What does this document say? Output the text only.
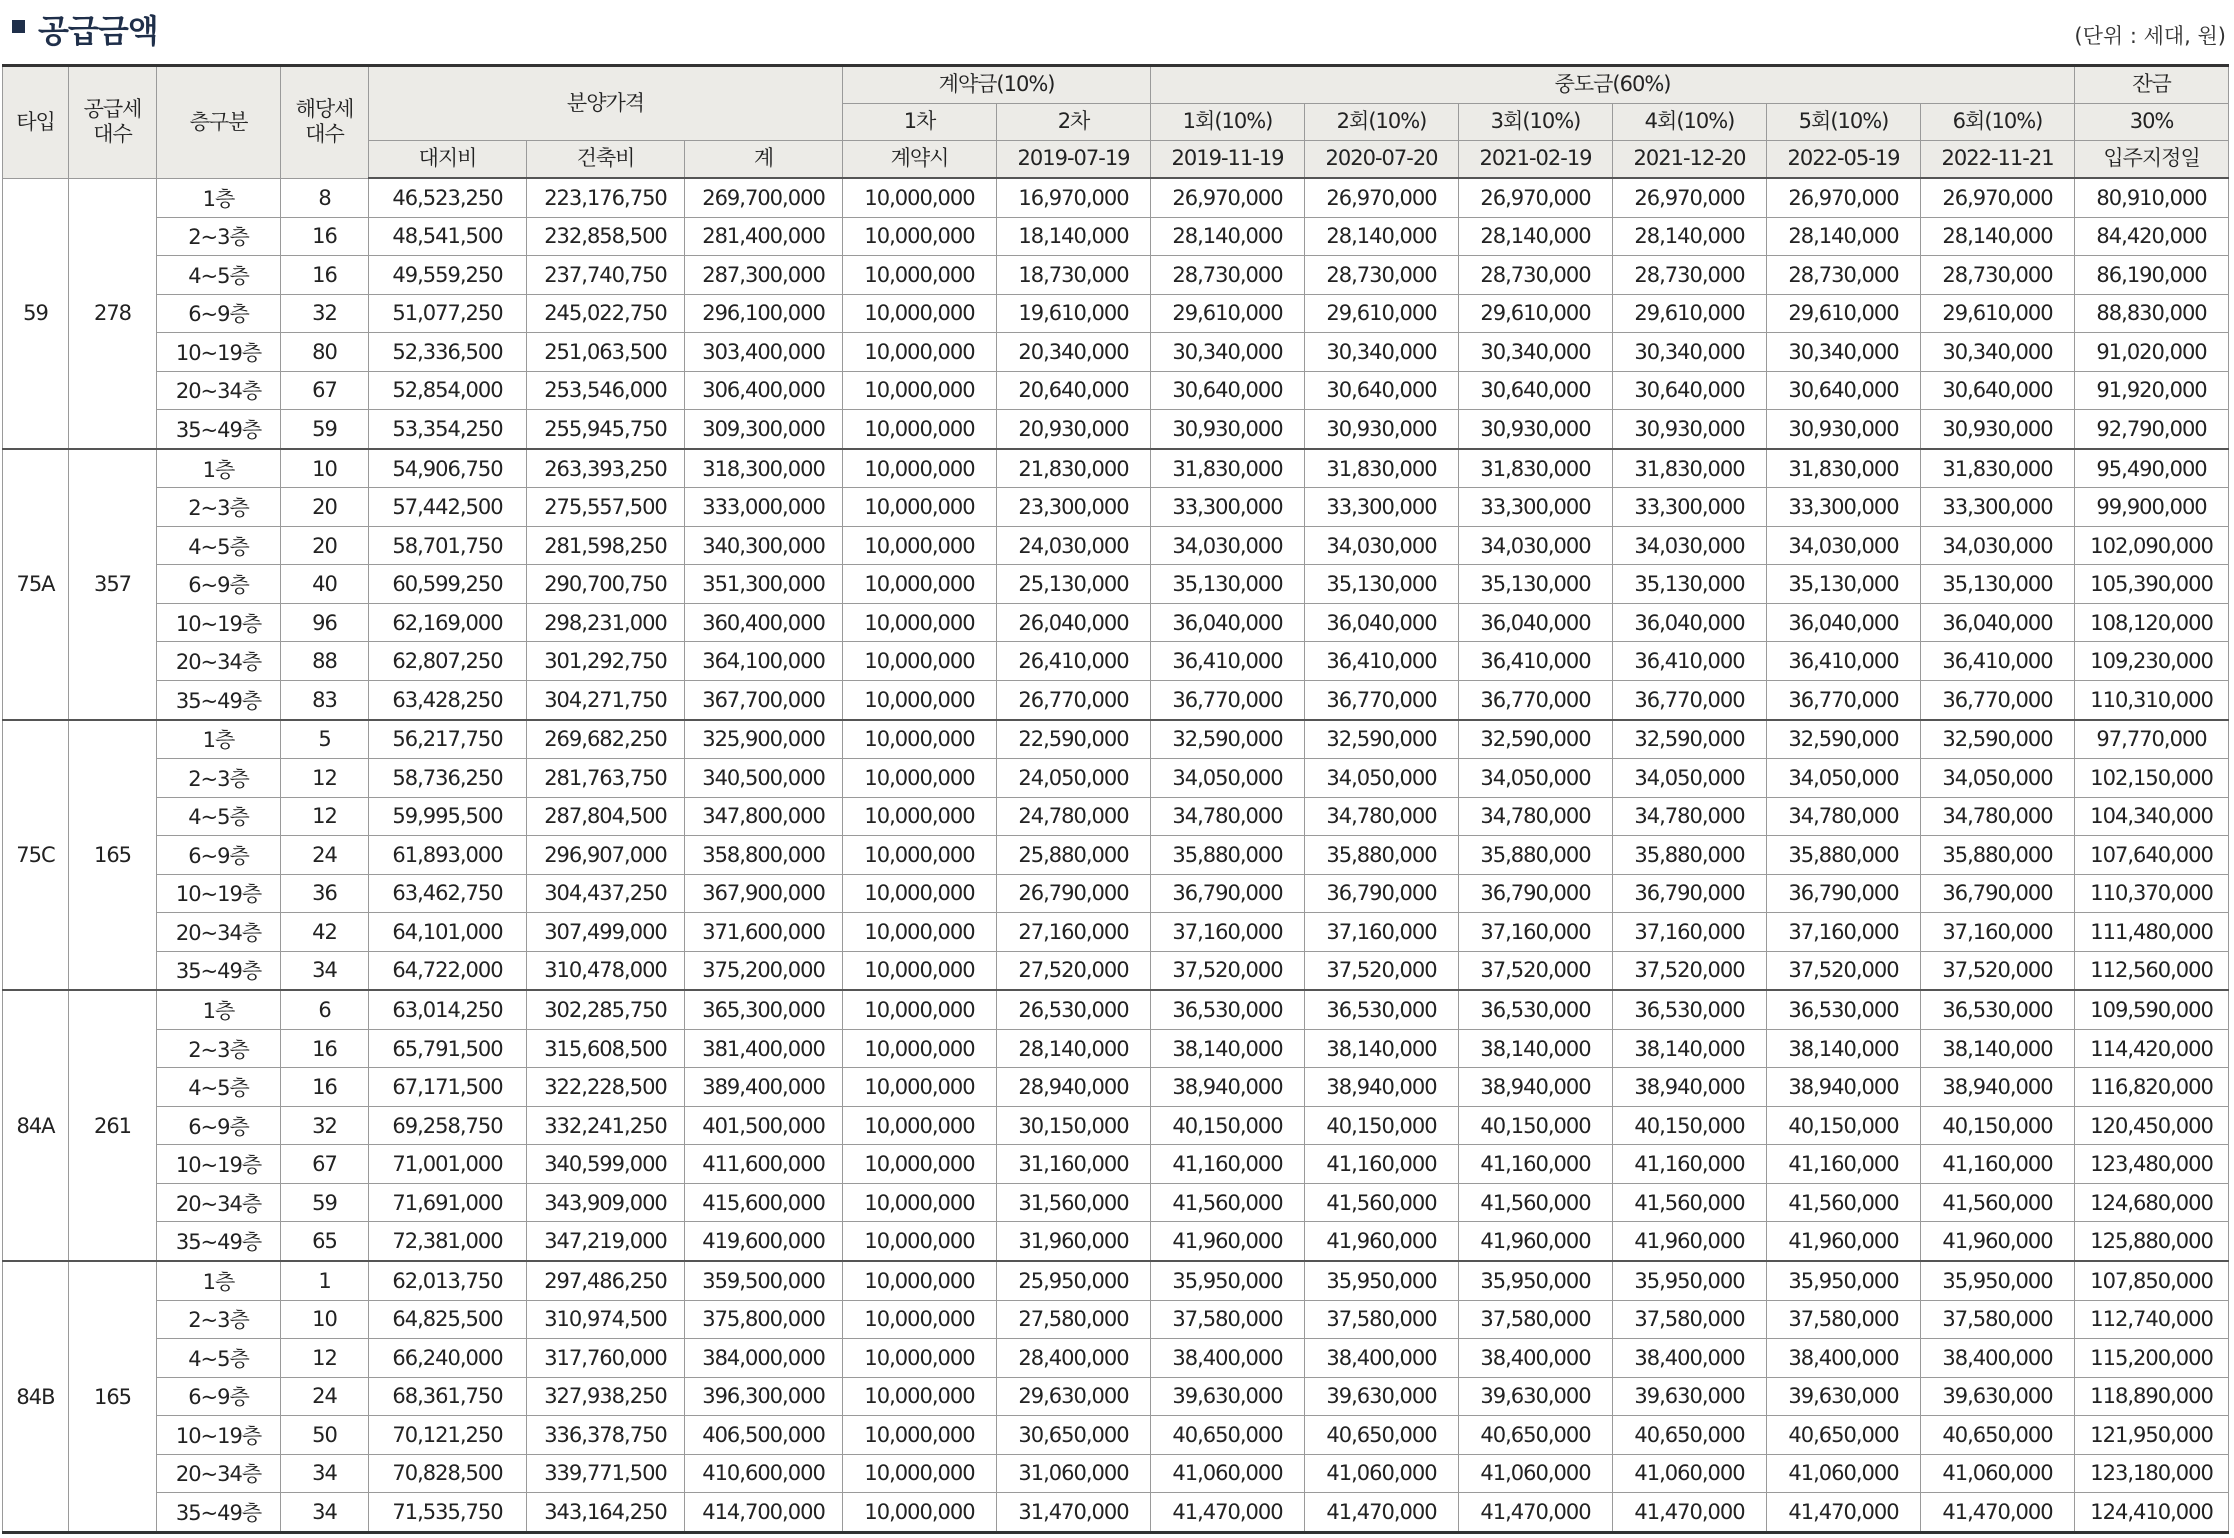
공급금액	(단위 : 세대, 원)
타입	공급세대수	층구분	해당세대수	분양가격			계약금(10%)		중도금(60%)						잔금
							1차	2차	1회(10%)	2회(10%)	3회(10%)	4회(10%)	5회(10%)	6회(10%)	30%
				대지비	건축비	계	계약시	2019-07-19	2019-11-19	2020-07-20	2021-02-19	2021-12-20	2022-05-19	2022-11-21	입주지정일
59	278	1층	8	46,523,250	223,176,750	269,700,000	10,000,000	16,970,000	26,970,000	26,970,000	26,970,000	26,970,000	26,970,000	26,970,000	80,910,000
		2~3층	16	48,541,500	232,858,500	281,400,000	10,000,000	18,140,000	28,140,000	28,140,000	28,140,000	28,140,000	28,140,000	28,140,000	84,420,000
		4~5층	16	49,559,250	237,740,750	287,300,000	10,000,000	18,730,000	28,730,000	28,730,000	28,730,000	28,730,000	28,730,000	28,730,000	86,190,000
		6~9층	32	51,077,250	245,022,750	296,100,000	10,000,000	19,610,000	29,610,000	29,610,000	29,610,000	29,610,000	29,610,000	29,610,000	88,830,000
		10~19층	80	52,336,500	251,063,500	303,400,000	10,000,000	20,340,000	30,340,000	30,340,000	30,340,000	30,340,000	30,340,000	30,340,000	91,020,000
		20~34층	67	52,854,000	253,546,000	306,400,000	10,000,000	20,640,000	30,640,000	30,640,000	30,640,000	30,640,000	30,640,000	30,640,000	91,920,000
		35~49층	59	53,354,250	255,945,750	309,300,000	10,000,000	20,930,000	30,930,000	30,930,000	30,930,000	30,930,000	30,930,000	30,930,000	92,790,000
75A	357	1층	10	54,906,750	263,393,250	318,300,000	10,000,000	21,830,000	31,830,000	31,830,000	31,830,000	31,830,000	31,830,000	31,830,000	95,490,000
		2~3층	20	57,442,500	275,557,500	333,000,000	10,000,000	23,300,000	33,300,000	33,300,000	33,300,000	33,300,000	33,300,000	33,300,000	99,900,000
		4~5층	20	58,701,750	281,598,250	340,300,000	10,000,000	24,030,000	34,030,000	34,030,000	34,030,000	34,030,000	34,030,000	34,030,000	102,090,000
		6~9층	40	60,599,250	290,700,750	351,300,000	10,000,000	25,130,000	35,130,000	35,130,000	35,130,000	35,130,000	35,130,000	35,130,000	105,390,000
		10~19층	96	62,169,000	298,231,000	360,400,000	10,000,000	26,040,000	36,040,000	36,040,000	36,040,000	36,040,000	36,040,000	36,040,000	108,120,000
		20~34층	88	62,807,250	301,292,750	364,100,000	10,000,000	26,410,000	36,410,000	36,410,000	36,410,000	36,410,000	36,410,000	36,410,000	109,230,000
		35~49층	83	63,428,250	304,271,750	367,700,000	10,000,000	26,770,000	36,770,000	36,770,000	36,770,000	36,770,000	36,770,000	36,770,000	110,310,000
75C	165	1층	5	56,217,750	269,682,250	325,900,000	10,000,000	22,590,000	32,590,000	32,590,000	32,590,000	32,590,000	32,590,000	32,590,000	97,770,000
		2~3층	12	58,736,250	281,763,750	340,500,000	10,000,000	24,050,000	34,050,000	34,050,000	34,050,000	34,050,000	34,050,000	34,050,000	102,150,000
		4~5층	12	59,995,500	287,804,500	347,800,000	10,000,000	24,780,000	34,780,000	34,780,000	34,780,000	34,780,000	34,780,000	34,780,000	104,340,000
		6~9층	24	61,893,000	296,907,000	358,800,000	10,000,000	25,880,000	35,880,000	35,880,000	35,880,000	35,880,000	35,880,000	35,880,000	107,640,000
		10~19층	36	63,462,750	304,437,250	367,900,000	10,000,000	26,790,000	36,790,000	36,790,000	36,790,000	36,790,000	36,790,000	36,790,000	110,370,000
		20~34층	42	64,101,000	307,499,000	371,600,000	10,000,000	27,160,000	37,160,000	37,160,000	37,160,000	37,160,000	37,160,000	37,160,000	111,480,000
		35~49층	34	64,722,000	310,478,000	375,200,000	10,000,000	27,520,000	37,520,000	37,520,000	37,520,000	37,520,000	37,520,000	37,520,000	112,560,000
84A	261	1층	6	63,014,250	302,285,750	365,300,000	10,000,000	26,530,000	36,530,000	36,530,000	36,530,000	36,530,000	36,530,000	36,530,000	109,590,000
		2~3층	16	65,791,500	315,608,500	381,400,000	10,000,000	28,140,000	38,140,000	38,140,000	38,140,000	38,140,000	38,140,000	38,140,000	114,420,000
		4~5층	16	67,171,500	322,228,500	389,400,000	10,000,000	28,940,000	38,940,000	38,940,000	38,940,000	38,940,000	38,940,000	38,940,000	116,820,000
		6~9층	32	69,258,750	332,241,250	401,500,000	10,000,000	30,150,000	40,150,000	40,150,000	40,150,000	40,150,000	40,150,000	40,150,000	120,450,000
		10~19층	67	71,001,000	340,599,000	411,600,000	10,000,000	31,160,000	41,160,000	41,160,000	41,160,000	41,160,000	41,160,000	41,160,000	123,480,000
		20~34층	59	71,691,000	343,909,000	415,600,000	10,000,000	31,560,000	41,560,000	41,560,000	41,560,000	41,560,000	41,560,000	41,560,000	124,680,000
		35~49층	65	72,381,000	347,219,000	419,600,000	10,000,000	31,960,000	41,960,000	41,960,000	41,960,000	41,960,000	41,960,000	41,960,000	125,880,000
84B	165	1층	1	62,013,750	297,486,250	359,500,000	10,000,000	25,950,000	35,950,000	35,950,000	35,950,000	35,950,000	35,950,000	35,950,000	107,850,000
		2~3층	10	64,825,500	310,974,500	375,800,000	10,000,000	27,580,000	37,580,000	37,580,000	37,580,000	37,580,000	37,580,000	37,580,000	112,740,000
		4~5층	12	66,240,000	317,760,000	384,000,000	10,000,000	28,400,000	38,400,000	38,400,000	38,400,000	38,400,000	38,400,000	38,400,000	115,200,000
		6~9층	24	68,361,750	327,938,250	396,300,000	10,000,000	29,630,000	39,630,000	39,630,000	39,630,000	39,630,000	39,630,000	39,630,000	118,890,000
		10~19층	50	70,121,250	336,378,750	406,500,000	10,000,000	30,650,000	40,650,000	40,650,000	40,650,000	40,650,000	40,650,000	40,650,000	121,950,000
		20~34층	34	70,828,500	339,771,500	410,600,000	10,000,000	31,060,000	41,060,000	41,060,000	41,060,000	41,060,000	41,060,000	41,060,000	123,180,000
		35~49층	34	71,535,750	343,164,250	414,700,000	10,000,000	31,470,000	41,470,000	41,470,000	41,470,000	41,470,000	41,470,000	41,470,000	124,410,000
